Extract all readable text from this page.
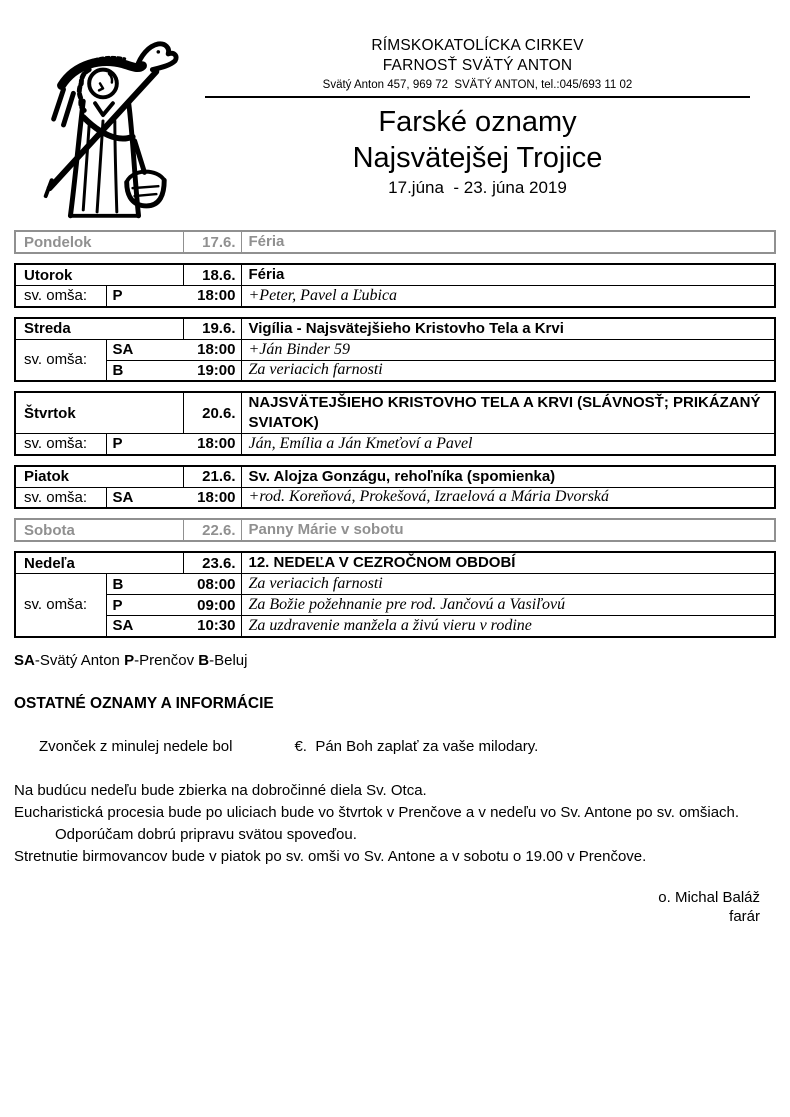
RÍMSKOKATOLÍCKA CIRKEV
FARNOSŤ SVÄTÝ ANTON
Svätý Anton 457, 969 72  SVÄTÝ ANTON, tel.:045/693 11 02
Farské oznamy
Najsvätejšej Trojice
17.júna  - 23. júna 2019
Pondelok	17.6.	Féria
Utorok		18.6.	Féria
sv. omša:	P 18:00		+Peter, Pavel a Ľubica
Streda		19.6.	Vigília - Najsvätejšieho Kristovho Tela a Krvi
sv. omša:	SA 18:00		+Ján Binder 59

	B 19:00		Za veriacich farnosti
Štvrtok		20.6.	NAJSVÄTEJŠIEHO KRISTOVHO TELA A KRVI (SLÁVNOSŤ; PRIKÁZANÝ SVIATOK)
sv. omša:	P 18:00		Ján, Emília a Ján Kmeťoví a Pavel
Piatok		21.6.	Sv. Alojza Gonzágu, rehoľníka (spomienka)
sv. omša:	SA 18:00		+rod. Koreňová, Prokešová, Izraelová a Mária Dvorská
Sobota	22.6.	Panny Márie v sobotu
Nedeľa		23.6.	12. NEDEĽA V CEZROČNOM OBDOBÍ
sv. omša:	B 08:00		Za veriacich farnosti

	P 09:00		Za Božie požehnanie pre rod. Jančovú a Vasiľovú

	SA 10:30		Za uzdravenie manžela a živú vieru v rodine
SA-Svätý Anton P-Prenčov B-Beluj
OSTATNÉ OZNAMY A INFORMÁCIE

Zvonček z minulej nedele bol	€.  Pán Boh zaplať za vaše milodary.

Na budúcu nedeľu bude zbierka na dobročinné diela Sv. Otca.
Eucharistická procesia bude po uliciach bude vo štvrtok v Prenčove a v nedeľu vo Sv. Antone po sv. omšiach.
Odporúčam dobrú pripravu svätou spoveďou.
Stretnutie birmovancov bude v piatok po sv. omši vo Sv. Antone a v sobotu o 19.00 v Prenčove.
o. Michal Baláž
farár
